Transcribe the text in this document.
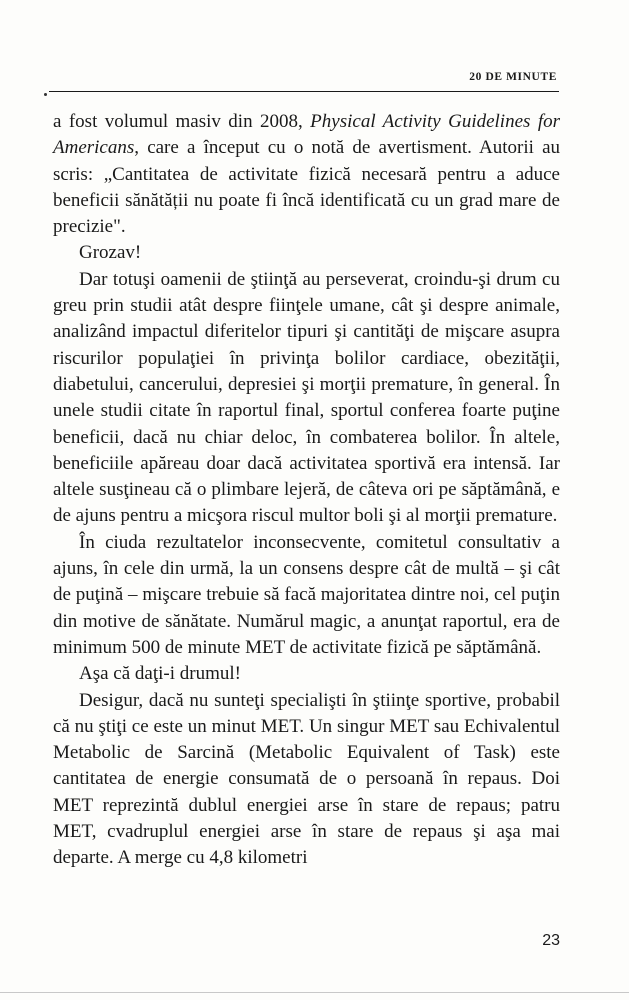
20 DE MINUTE

a fost volumul masiv din 2008, Physical Activity Guidelines for Americans, care a început cu o notă de avertisment. Autorii au scris: „Cantitatea de activitate fizică necesară pentru a aduce beneficii sănătății nu poate fi încă identificată cu un grad mare de precizie".

Grozav!

Dar totuşi oamenii de ştiinţă au perseverat, croindu-şi drum cu greu prin studii atât despre fiinţele umane, cât şi despre animale, analizând impactul diferitelor tipuri şi cantităţi de mişcare asupra riscurilor populaţiei în privinţa bolilor cardiace, obezităţii, diabetului, cancerului, depresiei şi morţii premature, în general. În unele studii citate în raportul final, sportul conferea foarte puţine beneficii, dacă nu chiar deloc, în combaterea bolilor. În altele, beneficiile apăreau doar dacă activitatea sportivă era intensă. Iar altele susţineau că o plimbare lejeră, de câteva ori pe săptămână, e de ajuns pentru a micşora riscul multor boli şi al morţii premature.

În ciuda rezultatelor inconsecvente, comitetul consultativ a ajuns, în cele din urmă, la un consens despre cât de multă – şi cât de puţină – mişcare trebuie să facă majoritatea dintre noi, cel puţin din motive de sănătate. Numărul magic, a anunţat raportul, era de minimum 500 de minute MET de activitate fizică pe săptămână.

Aşa că daţi-i drumul!

Desigur, dacă nu sunteţi specialişti în ştiinţe sportive, probabil că nu ştiţi ce este un minut MET. Un singur MET sau Echivalentul Metabolic de Sarcină (Metabolic Equivalent of Task) este cantitatea de energie consumată de o persoană în repaus. Doi MET reprezintă dublul energiei arse în stare de repaus; patru MET, cvadruplul energiei arse în stare de repaus şi aşa mai departe. A merge cu 4,8 kilometri

23
